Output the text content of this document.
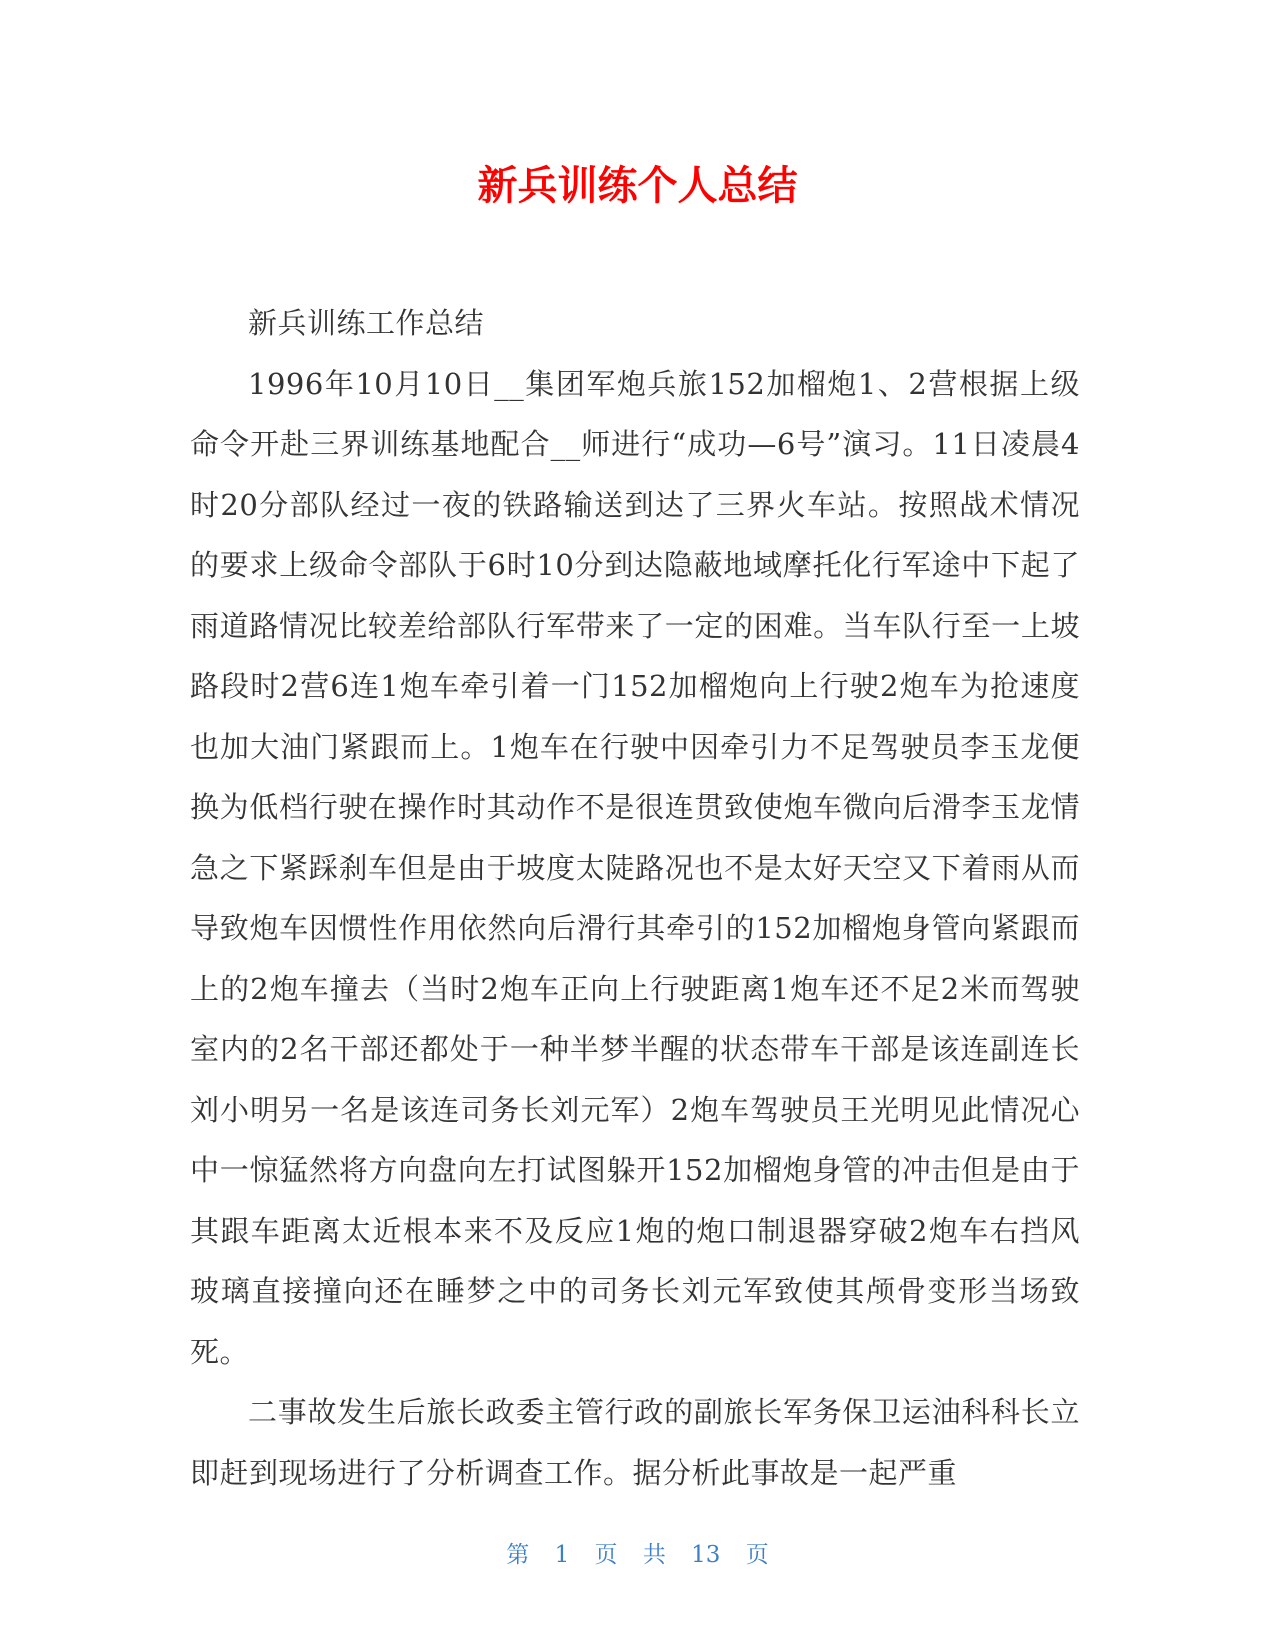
新兵训练个人总结

新兵训练工作总结

1996年10月10日__集团军炮兵旅152加榴炮1、2营根据上级命令开赴三界训练基地配合__师进行“成功—6号”演习。11日凌晨4时20分部队经过一夜的铁路输送到达了三界火车站。按照战术情况的要求上级命令部队于6时10分到达隐蔽地域摩托化行军途中下起了雨道路情况比较差给部队行军带来了一定的困难。当车队行至一上坡路段时2营6连1炮车牵引着一门152加榴炮向上行驶2炮车为抢速度也加大油门紧跟而上。1炮车在行驶中因牵引力不足驾驶员李玉龙便换为低档行驶在操作时其动作不是很连贯致使炮车微向后滑李玉龙情急之下紧踩刹车但是由于坡度太陡路况也不是太好天空又下着雨从而导致炮车因惯性作用依然向后滑行其牵引的152加榴炮身管向紧跟而上的2炮车撞去（当时2炮车正向上行驶距离1炮车还不足2米而驾驶室内的2名干部还都处于一种半梦半醒的状态带车干部是该连副连长刘小明另一名是该连司务长刘元军）2炮车驾驶员王光明见此情况心中一惊猛然将方向盘向左打试图躲开152加榴炮身管的冲击但是由于其跟车距离太近根本来不及反应1炮的炮口制退器穿破2炮车右挡风玻璃直接撞向还在睡梦之中的司务长刘元军致使其颅骨变形当场致死。

二事故发生后旅长政委主管行政的副旅长军务保卫运油科科长立即赶到现场进行了分析调查工作。据分析此事故是一起严重

第 1 页 共 13 页
